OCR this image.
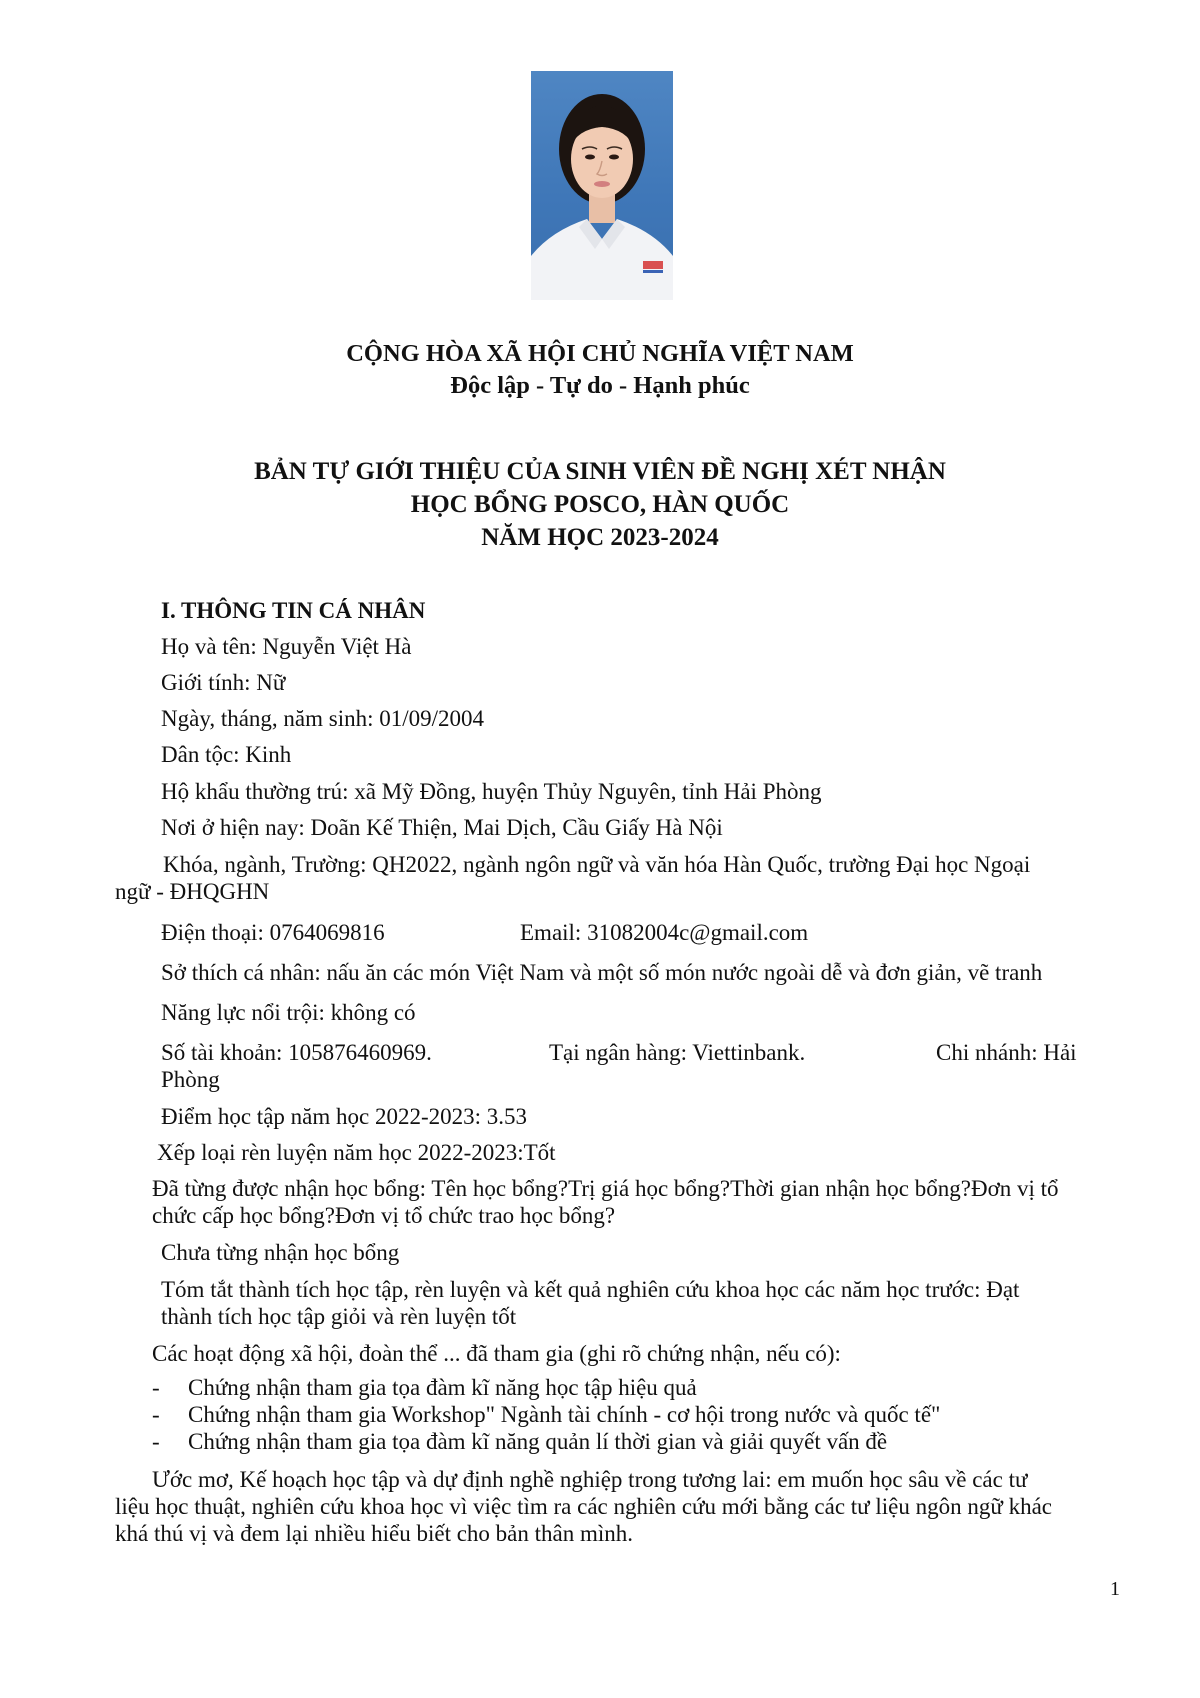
CỘNG HÒA XÃ HỘI CHỦ NGHĨA VIỆT NAM
Độc lập - Tự do - Hạnh phúc
BẢN TỰ GIỚI THIỆU CỦA SINH VIÊN ĐỀ NGHỊ XÉT NHẬN
HỌC BỔNG POSCO, HÀN QUỐC
NĂM HỌC 2023-2024
I. THÔNG TIN CÁ NHÂN
Họ và tên: Nguyễn Việt Hà
Giới tính: Nữ
Ngày, tháng, năm sinh: 01/09/2004
Dân tộc: Kinh
Hộ khẩu thường trú: xã Mỹ Đồng, huyện Thủy Nguyên, tỉnh Hải Phòng
Nơi ở hiện nay: Doãn Kế Thiện, Mai Dịch, Cầu Giấy Hà Nội
Khóa, ngành, Trường: QH2022, ngành ngôn ngữ và văn hóa Hàn Quốc, trường Đại học Ngoại
ngữ - ĐHQGHN
Điện thoại: 0764069816	Email: 31082004c@gmail.com
Sở thích cá nhân: nấu ăn các món Việt Nam và một số món nước ngoài dễ và đơn giản, vẽ tranh
Năng lực nổi trội: không có
Số tài khoản: 105876460969.	Tại ngân hàng: Viettinbank.	Chi nhánh: Hải
Phòng
Điểm học tập năm học 2022-2023: 3.53
Xếp loại rèn luyện năm học 2022-2023:Tốt
Đã từng được nhận học bổng: Tên học bổng?Trị giá học bổng?Thời gian nhận học bổng?Đơn vị tổ
chức cấp học bổng?Đơn vị tổ chức trao học bổng?
Chưa từng nhận học bổng
Tóm tắt thành tích học tập, rèn luyện và kết quả nghiên cứu khoa học các năm học trước: Đạt
thành tích học tập giỏi và rèn luyện tốt
Các hoạt động xã hội, đoàn thể ... đã tham gia (ghi rõ chứng nhận, nếu có):
- Chứng nhận tham gia tọa đàm kĩ năng học tập hiệu quả
- Chứng nhận tham gia Workshop" Ngành tài chính - cơ hội trong nước và quốc tế"
- Chứng nhận tham gia tọa đàm kĩ năng quản lí thời gian và giải quyết vấn đề
Ước mơ, Kế hoạch học tập và dự định nghề nghiệp trong tương lai: em muốn học sâu về các tư
liệu học thuật, nghiên cứu khoa học vì việc tìm ra các nghiên cứu mới bằng các tư liệu ngôn ngữ khác
khá thú vị và đem lại nhiều hiểu biết cho bản thân mình.
1
